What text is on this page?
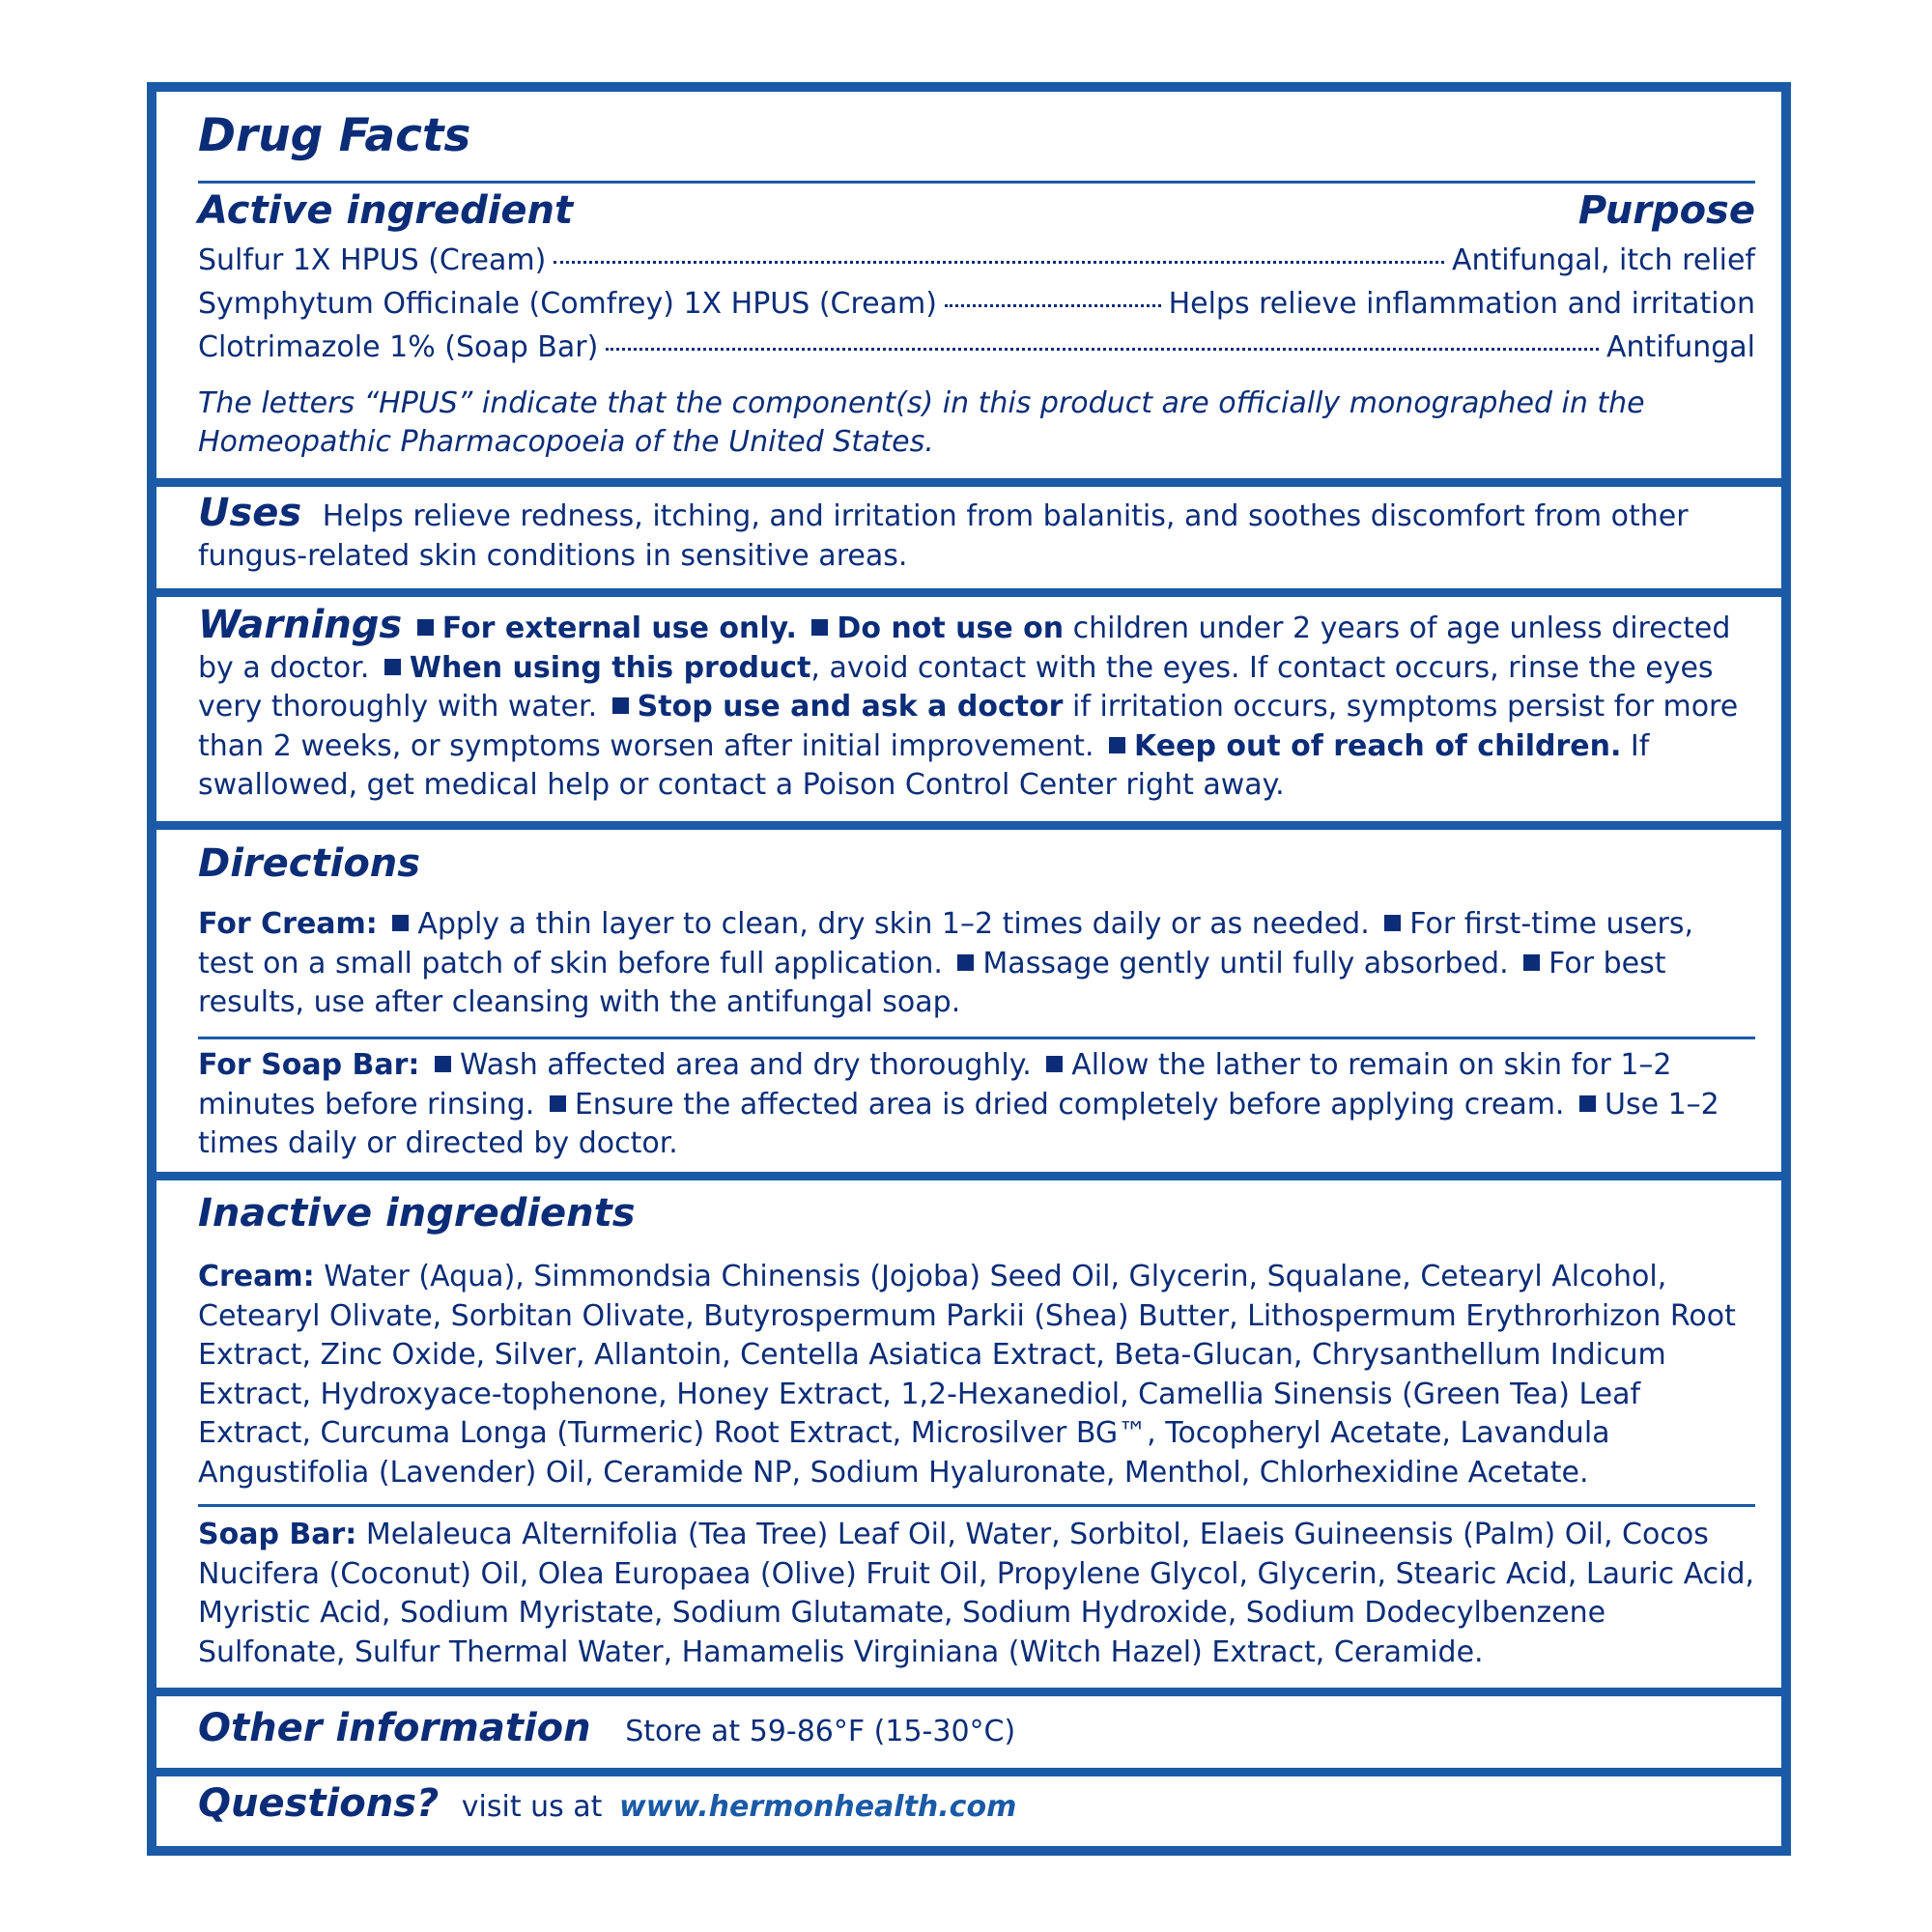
Drug Facts
Active ingredient	Purpose
Sulfur 1X HPUS (Cream)	Antifungal, itch relief
Symphytum Officinale (Comfrey) 1X HPUS (Cream)	Helps relieve inflammation and irritation
Clotrimazole 1% (Soap Bar)	Antifungal
The letters “HPUS” indicate that the component(s) in this product are officially monographed in the Homeopathic Pharmacopoeia of the United States.
Uses Helps relieve redness, itching, and irritation from balanitis, and soothes discomfort from other fungus-related skin conditions in sensitive areas.
Warnings For external use only. Do not use on children under 2 years of age unless directed by a doctor. When using this product, avoid contact with the eyes. If contact occurs, rinse the eyes very thoroughly with water. Stop use and ask a doctor if irritation occurs, symptoms persist for more than 2 weeks, or symptoms worsen after initial improvement. Keep out of reach of children. If swallowed, get medical help or contact a Poison Control Center right away.
Directions
For Cream: Apply a thin layer to clean, dry skin 1–2 times daily or as needed. For first-time users, test on a small patch of skin before full application. Massage gently until fully absorbed. For best results, use after cleansing with the antifungal soap.
For Soap Bar: Wash affected area and dry thoroughly. Allow the lather to remain on skin for 1–2 minutes before rinsing. Ensure the affected area is dried completely before applying cream. Use 1–2 times daily or directed by doctor.
Inactive ingredients
Cream: Water (Aqua), Simmondsia Chinensis (Jojoba) Seed Oil, Glycerin, Squalane, Cetearyl Alcohol, Cetearyl Olivate, Sorbitan Olivate, Butyrospermum Parkii (Shea) Butter, Lithospermum Erythrorhizon Root Extract, Zinc Oxide, Silver, Allantoin, Centella Asiatica Extract, Beta-Glucan, Chrysanthellum Indicum Extract, Hydroxyace-tophenone, Honey Extract, 1,2-Hexanediol, Camellia Sinensis (Green Tea) Leaf Extract, Curcuma Longa (Turmeric) Root Extract, Microsilver BG™, Tocopheryl Acetate, Lavandula Angustifolia (Lavender) Oil, Ceramide NP, Sodium Hyaluronate, Menthol, Chlorhexidine Acetate.
Soap Bar: Melaleuca Alternifolia (Tea Tree) Leaf Oil, Water, Sorbitol, Elaeis Guineensis (Palm) Oil, Cocos Nucifera (Coconut) Oil, Olea Europaea (Olive) Fruit Oil, Propylene Glycol, Glycerin, Stearic Acid, Lauric Acid, Myristic Acid, Sodium Myristate, Sodium Glutamate, Sodium Hydroxide, Sodium Dodecylbenzene Sulfonate, Sulfur Thermal Water, Hamamelis Virginiana (Witch Hazel) Extract, Ceramide.
Other information Store at 59-86°F (15-30°C)
Questions? visit us at www.hermonhealth.com
